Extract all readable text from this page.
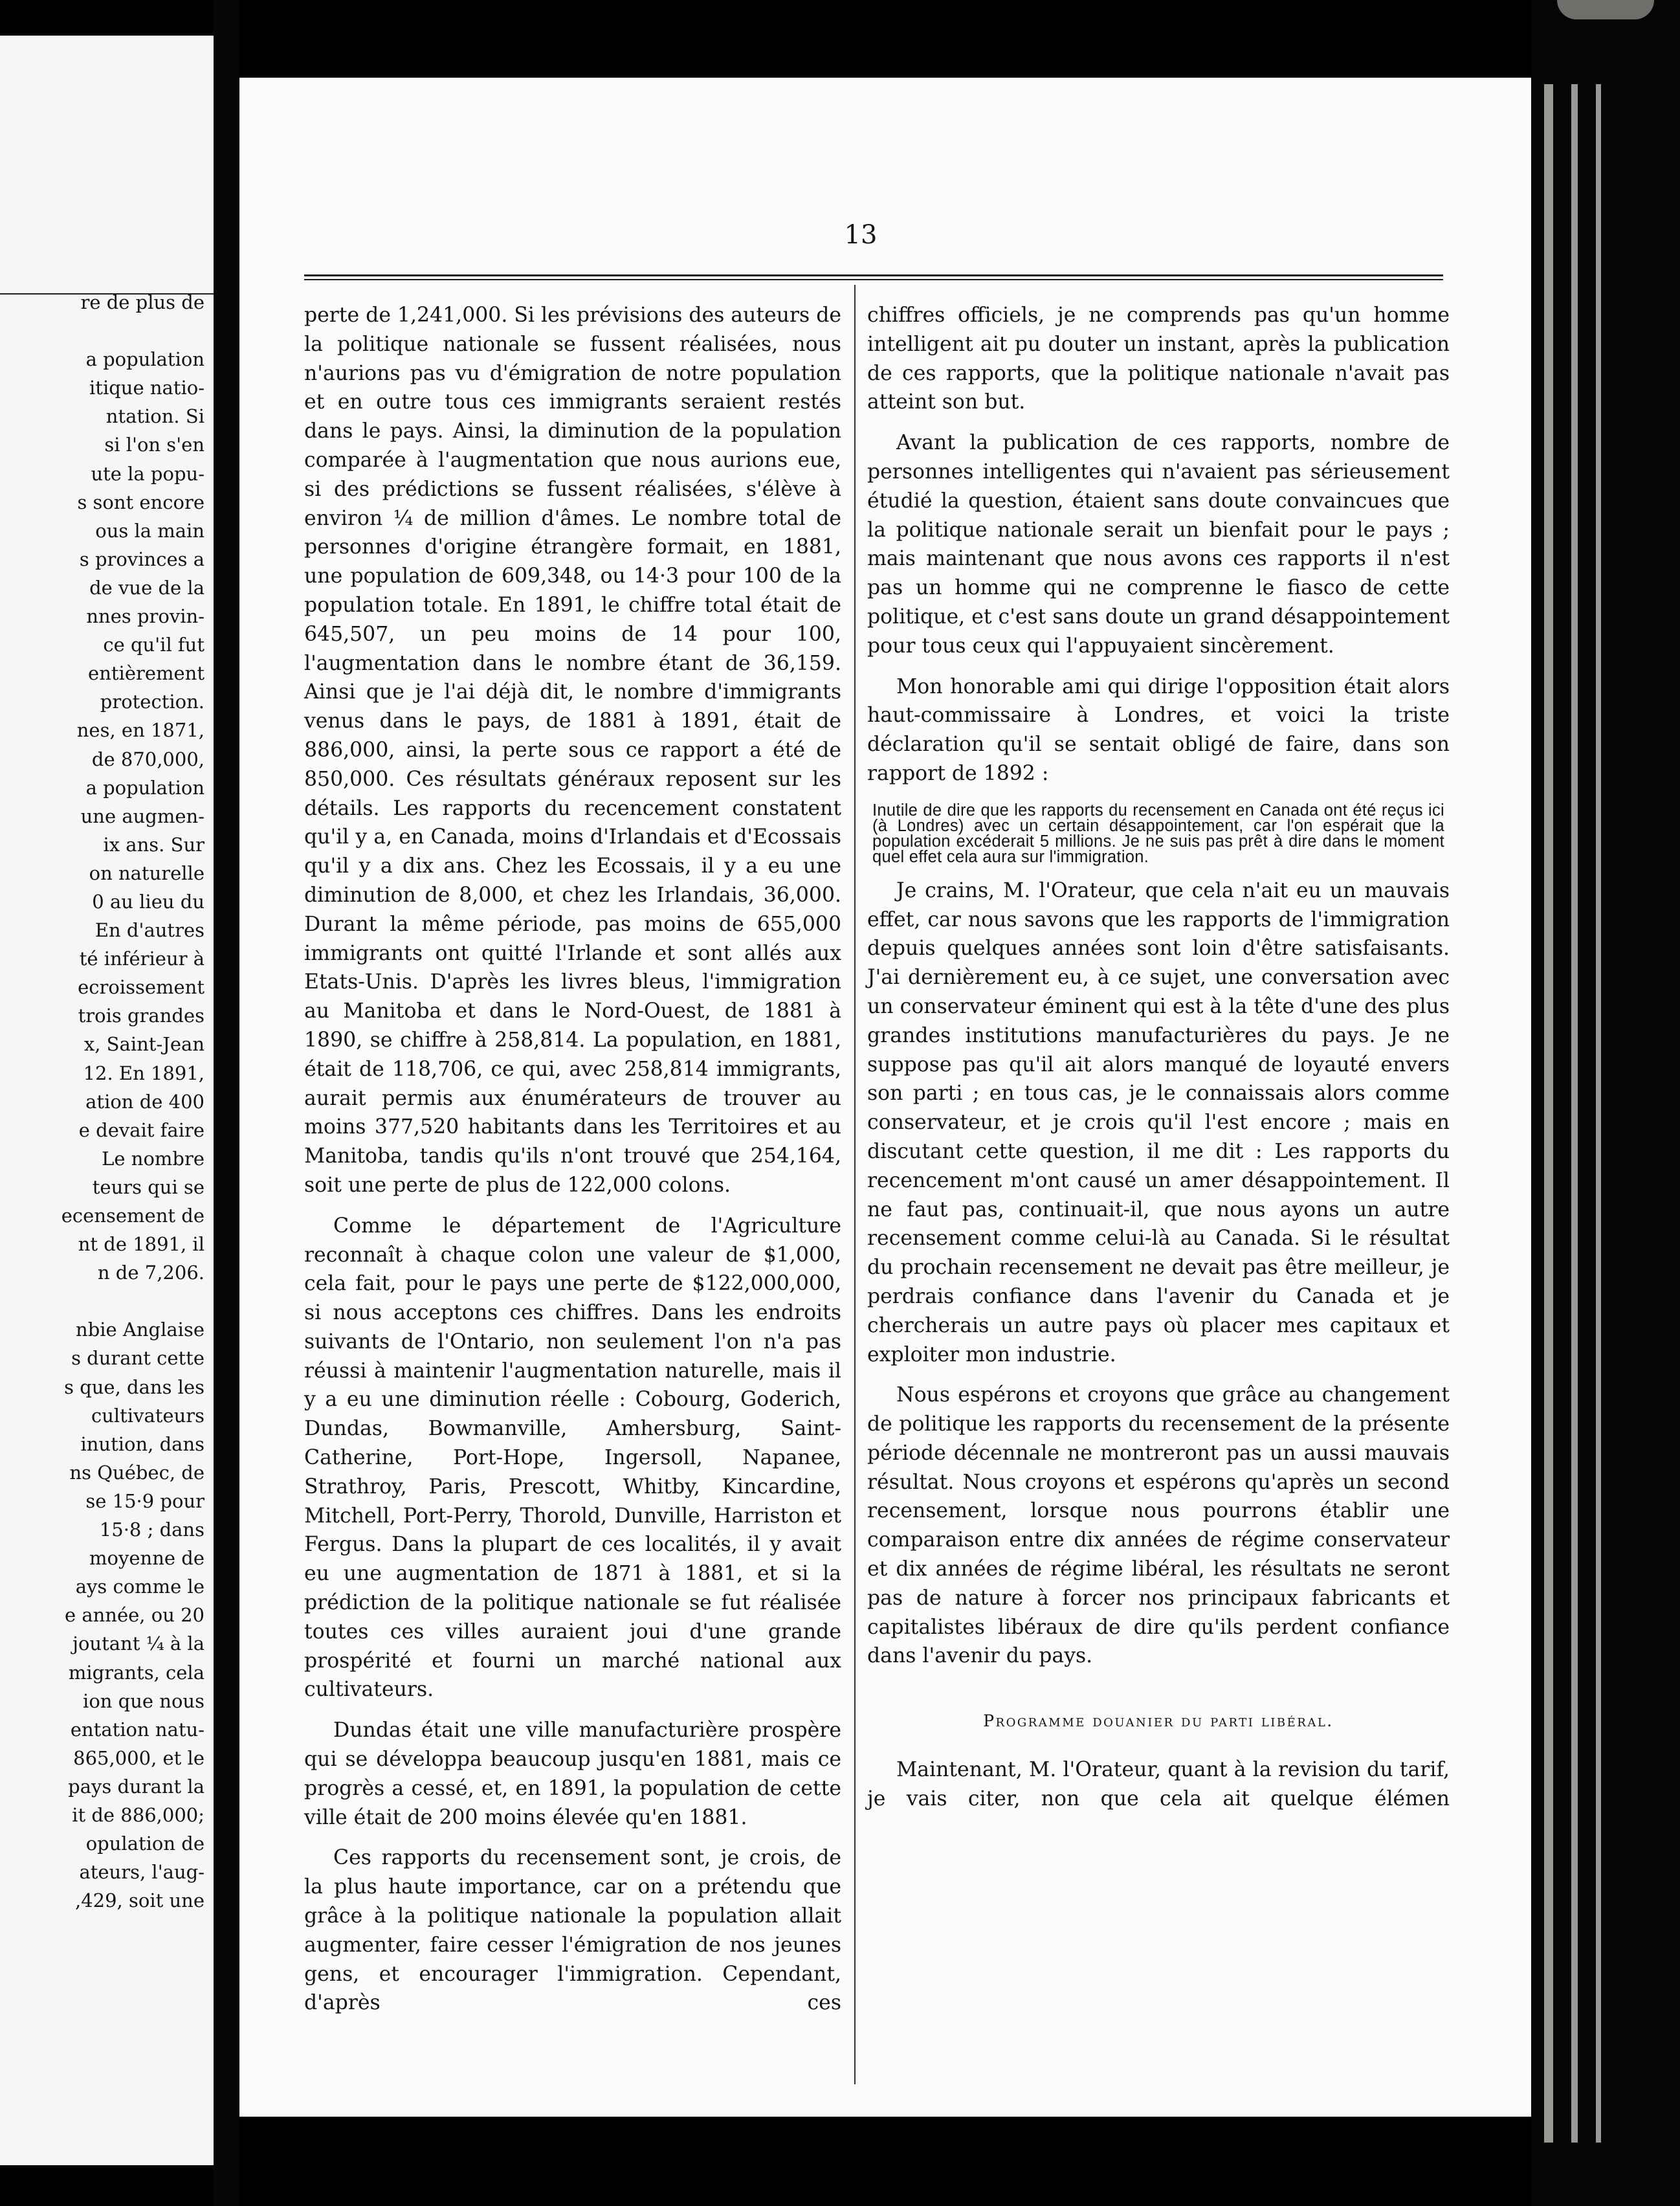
re de plus de
a population
itique natio-
ntation. Si
si l'on s'en
ute la popu-
s sont encore
ous la main
s provinces a
de vue de la
nnes provin-
ce qu'il fut
entièrement
protection.
nes, en 1871,
de 870,000,
a population
une augmen-
ix ans. Sur
on naturelle
0 au lieu du
En d'autres
té inférieur à
ecroissement
trois grandes
x, Saint-Jean
12. En 1891,
ation de 400
e devait faire
Le nombre
teurs qui se
ecensement de
nt de 1891, il
n de 7,206.
nbie Anglaise
s durant cette
s que, dans les
cultivateurs
inution, dans
ns Québec, de
se 15·9 pour
15·8 ; dans
moyenne de
ays comme le
e année, ou 20
joutant ¼ à la
migrants, cela
ion que nous
entation natu-
865,000, et le
pays durant la
it de 886,000;
opulation de
ateurs, l'aug-
,429, soit une
13

perte de 1,241,000. Si les prévisions des auteurs de la politique nationale se fussent réalisées, nous n'aurions pas vu d'émigration de notre population et en outre tous ces immigrants seraient restés dans le pays. Ainsi, la diminution de la population comparée à l'augmentation que nous aurions eue, si des prédictions se fussent réalisées, s'élève à environ ¼ de million d'âmes. Le nombre total de personnes d'origine étrangère formait, en 1881, une population de 609,348, ou 14·3 pour 100 de la population totale. En 1891, le chiffre total était de 645,507, un peu moins de 14 pour 100, l'augmentation dans le nombre étant de 36,159. Ainsi que je l'ai déjà dit, le nombre d'immigrants venus dans le pays, de 1881 à 1891, était de 886,000, ainsi, la perte sous ce rapport a été de 850,000. Ces résultats généraux reposent sur les détails. Les rapports du recencement constatent qu'il y a, en Canada, moins d'Irlandais et d'Ecossais qu'il y a dix ans. Chez les Ecossais, il y a eu une diminution de 8,000, et chez les Irlandais, 36,000. Durant la même période, pas moins de 655,000 immigrants ont quitté l'Irlande et sont allés aux Etats-Unis. D'après les livres bleus, l'immigration au Manitoba et dans le Nord-Ouest, de 1881 à 1890, se chiffre à 258,814. La population, en 1881, était de 118,706, ce qui, avec 258,814 immigrants, aurait permis aux énumérateurs de trouver au moins 377,520 habitants dans les Territoires et au Manitoba, tandis qu'ils n'ont trouvé que 254,164, soit une perte de plus de 122,000 colons.

Comme le département de l'Agriculture reconnaît à chaque colon une valeur de $1,000, cela fait, pour le pays une perte de $122,000,000, si nous acceptons ces chiffres. Dans les endroits suivants de l'Ontario, non seulement l'on n'a pas réussi à maintenir l'augmentation naturelle, mais il y a eu une diminution réelle : Cobourg, Goderich, Dundas, Bowmanville, Amhersburg, Saint-Catherine, Port-Hope, Ingersoll, Napanee, Strathroy, Paris, Prescott, Whitby, Kincardine, Mitchell, Port-Perry, Thorold, Dunville, Harriston et Fergus. Dans la plupart de ces localités, il y avait eu une augmentation de 1871 à 1881, et si la prédiction de la politique nationale se fut réalisée toutes ces villes auraient joui d'une grande prospérité et fourni un marché national aux cultivateurs.

Dundas était une ville manufacturière prospère qui se développa beaucoup jusqu'en 1881, mais ce progrès a cessé, et, en 1891, la population de cette ville était de 200 moins élevée qu'en 1881.

Ces rapports du recensement sont, je crois, de la plus haute importance, car on a prétendu que grâce à la politique nationale la population allait augmenter, faire cesser l'émigration de nos jeunes gens, et encourager l'immigration. Cependant, d'après ces

chiffres officiels, je ne comprends pas qu'un homme intelligent ait pu douter un instant, après la publication de ces rapports, que la politique nationale n'avait pas atteint son but.

Avant la publication de ces rapports, nombre de personnes intelligentes qui n'avaient pas sérieusement étudié la question, étaient sans doute convaincues que la politique nationale serait un bienfait pour le pays ; mais maintenant que nous avons ces rapports il n'est pas un homme qui ne comprenne le fiasco de cette politique, et c'est sans doute un grand désappointement pour tous ceux qui l'appuyaient sincèrement.

Mon honorable ami qui dirige l'opposition était alors haut-commissaire à Londres, et voici la triste déclaration qu'il se sentait obligé de faire, dans son rapport de 1892 :

Inutile de dire que les rapports du recensement en Canada ont été reçus ici (à Londres) avec un certain désappointement, car l'on espérait que la population excéderait 5 millions. Je ne suis pas prêt à dire dans le moment quel effet cela aura sur l'immigration.

Je crains, M. l'Orateur, que cela n'ait eu un mauvais effet, car nous savons que les rapports de l'immigration depuis quelques années sont loin d'être satisfaisants. J'ai dernièrement eu, à ce sujet, une conversation avec un conservateur éminent qui est à la tête d'une des plus grandes institutions manufacturières du pays. Je ne suppose pas qu'il ait alors manqué de loyauté envers son parti ; en tous cas, je le connaissais alors comme conservateur, et je crois qu'il l'est encore ; mais en discutant cette question, il me dit : Les rapports du recencement m'ont causé un amer désappointement. Il ne faut pas, continuait-il, que nous ayons un autre recensement comme celui-là au Canada. Si le résultat du prochain recensement ne devait pas être meilleur, je perdrais confiance dans l'avenir du Canada et je chercherais un autre pays où placer mes capitaux et exploiter mon industrie.

Nous espérons et croyons que grâce au changement de politique les rapports du recensement de la présente période décennale ne montreront pas un aussi mauvais résultat. Nous croyons et espérons qu'après un second recensement, lorsque nous pourrons établir une comparaison entre dix années de régime conservateur et dix années de régime libéral, les résultats ne seront pas de nature à forcer nos principaux fabricants et capitalistes libéraux de dire qu'ils perdent confiance dans l'avenir du pays.

Programme douanier du parti libéral.

Maintenant, M. l'Orateur, quant à la revision du tarif, je vais citer, non que cela ait quelque élémen
